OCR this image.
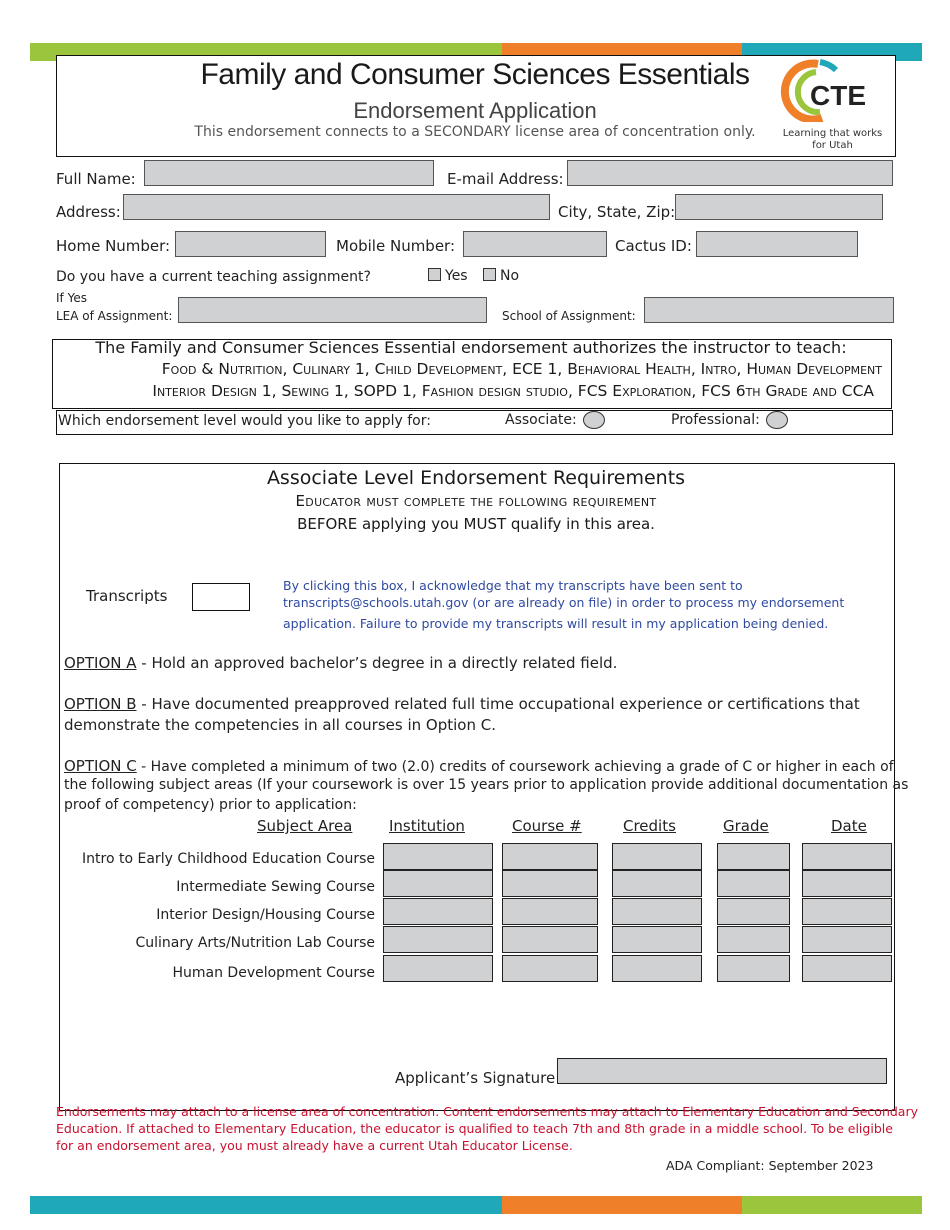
Family and Consumer Sciences Essentials
Endorsement Application
This endorsement connects to a SECONDARY license area of concentration only.
CTE
Learning that works
for Utah
Full Name:	E-mail Address:
Address:	City, State, Zip:
Home Number:	Mobile Number:	Cactus ID:
Do you have a current teaching assignment?	Yes	No
If Yes
LEA of Assignment:	School of Assignment:
The Family and Consumer Sciences Essential endorsement authorizes the instructor to teach:
Food & Nutrition, Culinary 1, Child Development, ECE 1, Behavioral Health, Intro, Human Development
Interior Design 1, Sewing 1, SOPD 1, Fashion design studio, FCS Exploration, FCS 6th Grade and CCA
Which endorsement level would you like to apply for:	Associate:	Professional:
Associate Level Endorsement Requirements
Educator must complete the following requirement
BEFORE applying you MUST qualify in this area.
Transcripts
By clicking this box, I acknowledge that my transcripts have been sent to
transcripts@schools.utah.gov (or are already on file) in order to process my endorsement
application. Failure to provide my transcripts will result in my application being denied.
OPTION A - Hold an approved bachelor’s degree in a directly related field.
OPTION B - Have documented preapproved related full time occupational experience or certifications that
demonstrate the competencies in all courses in Option C.
OPTION C - Have completed a minimum of two (2.0) credits of coursework achieving a grade of C or higher in each of
the following subject areas (If your coursework is over 15 years prior to application provide additional documentation as
proof of competency) prior to application:
Subject Area Institution	Course #	Credits	Grade	Date
Intro to Early Childhood Education Course
Intermediate Sewing Course
Interior Design/Housing Course
Culinary Arts/Nutrition Lab Course
Human Development Course
Applicant’s Signature
Endorsements may attach to a license area of concentration. Content endorsements may attach to Elementary Education and Secondary
Education. If attached to Elementary Education, the educator is qualified to teach 7th and 8th grade in a middle school. To be eligible
for an endorsement area, you must already have a current Utah Educator License.
ADA Compliant: September 2023
